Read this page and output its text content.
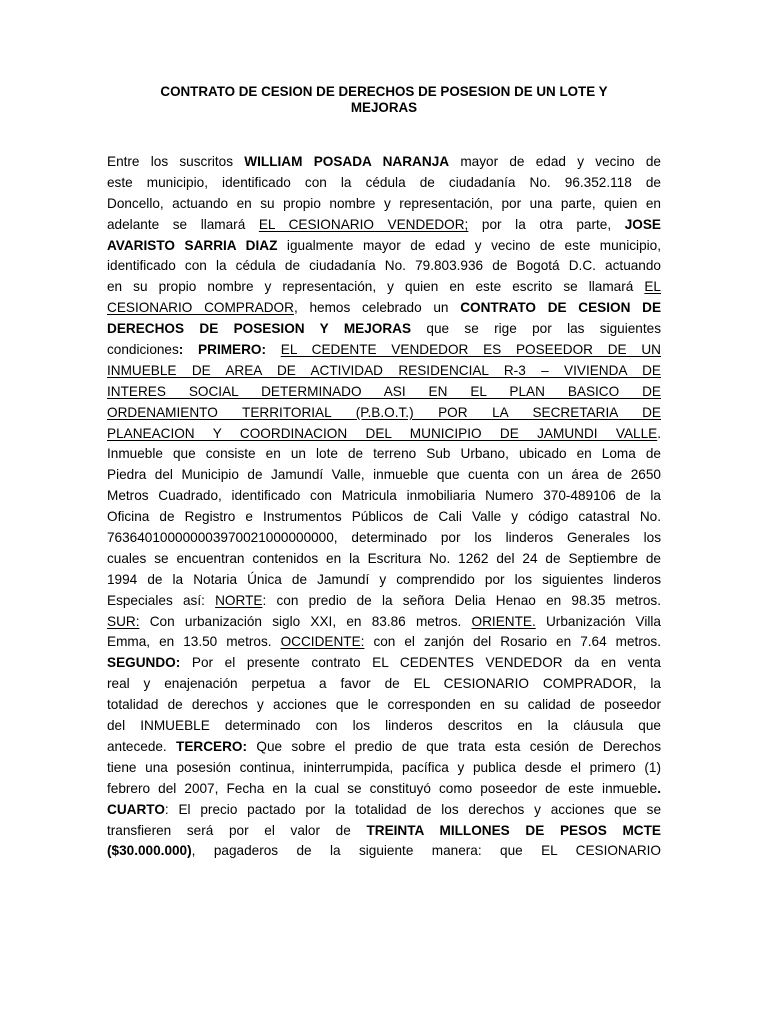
CONTRATO DE CESION DE DERECHOS DE POSESION DE UN LOTE Y
MEJORAS
Entre los suscritos WILLIAM POSADA NARANJA mayor de edad y vecino de
este municipio, identificado con la cédula de ciudadanía No. 96.352.118 de
Doncello, actuando en su propio nombre y representación, por una parte, quien en
adelante se llamará EL CESIONARIO VENDEDOR; por la otra parte, JOSE
AVARISTO SARRIA DIAZ igualmente mayor de edad y vecino de este municipio,
identificado con la cédula de ciudadanía No. 79.803.936 de Bogotá D.C. actuando
en su propio nombre y representación, y quien en este escrito se llamará EL
CESIONARIO COMPRADOR, hemos celebrado un CONTRATO DE CESION DE
DERECHOS DE POSESION Y MEJORAS que se rige por las siguientes
condiciones: PRIMERO: EL CEDENTE VENDEDOR ES POSEEDOR DE UN
INMUEBLE DE AREA DE ACTIVIDAD RESIDENCIAL R-3 – VIVIENDA DE
INTERES SOCIAL DETERMINADO ASI EN EL PLAN BASICO DE
ORDENAMIENTO TERRITORIAL (P.B.O.T.) POR LA SECRETARIA DE
PLANEACION Y COORDINACION DEL MUNICIPIO DE JAMUNDI VALLE.
Inmueble que consiste en un lote de terreno Sub Urbano, ubicado en Loma de
Piedra del Municipio de Jamundí Valle, inmueble que cuenta con un área de 2650
Metros Cuadrado, identificado con Matricula inmobiliaria Numero 370-489106 de la
Oficina de Registro e Instrumentos Públicos de Cali Valle y código catastral No.
763640100000003970021000000000, determinado por los linderos Generales los
cuales se encuentran contenidos en la Escritura No. 1262 del 24 de Septiembre de
1994 de la Notaria Única de Jamundí y comprendido por los siguientes linderos
Especiales así: NORTE: con predio de la señora Delia Henao en 98.35 metros.
SUR: Con urbanización siglo XXI, en 83.86 metros. ORIENTE. Urbanización Villa
Emma, en 13.50 metros. OCCIDENTE: con el zanjón del Rosario en 7.64 metros.
SEGUNDO: Por el presente contrato EL CEDENTES VENDEDOR da en venta
real y enajenación perpetua a favor de EL CESIONARIO COMPRADOR, la
totalidad de derechos y acciones que le corresponden en su calidad de poseedor
del INMUEBLE determinado con los linderos descritos en la cláusula que
antecede. TERCERO: Que sobre el predio de que trata esta cesión de Derechos
tiene una posesión continua, ininterrumpida, pacífica y publica desde el primero (1)
febrero del 2007, Fecha en la cual se constituyó como poseedor de este inmueble.
CUARTO: El precio pactado por la totalidad de los derechos y acciones que se
transfieren será por el valor de TREINTA MILLONES DE PESOS MCTE
($30.000.000), pagaderos de la siguiente manera: que EL CESIONARIO
